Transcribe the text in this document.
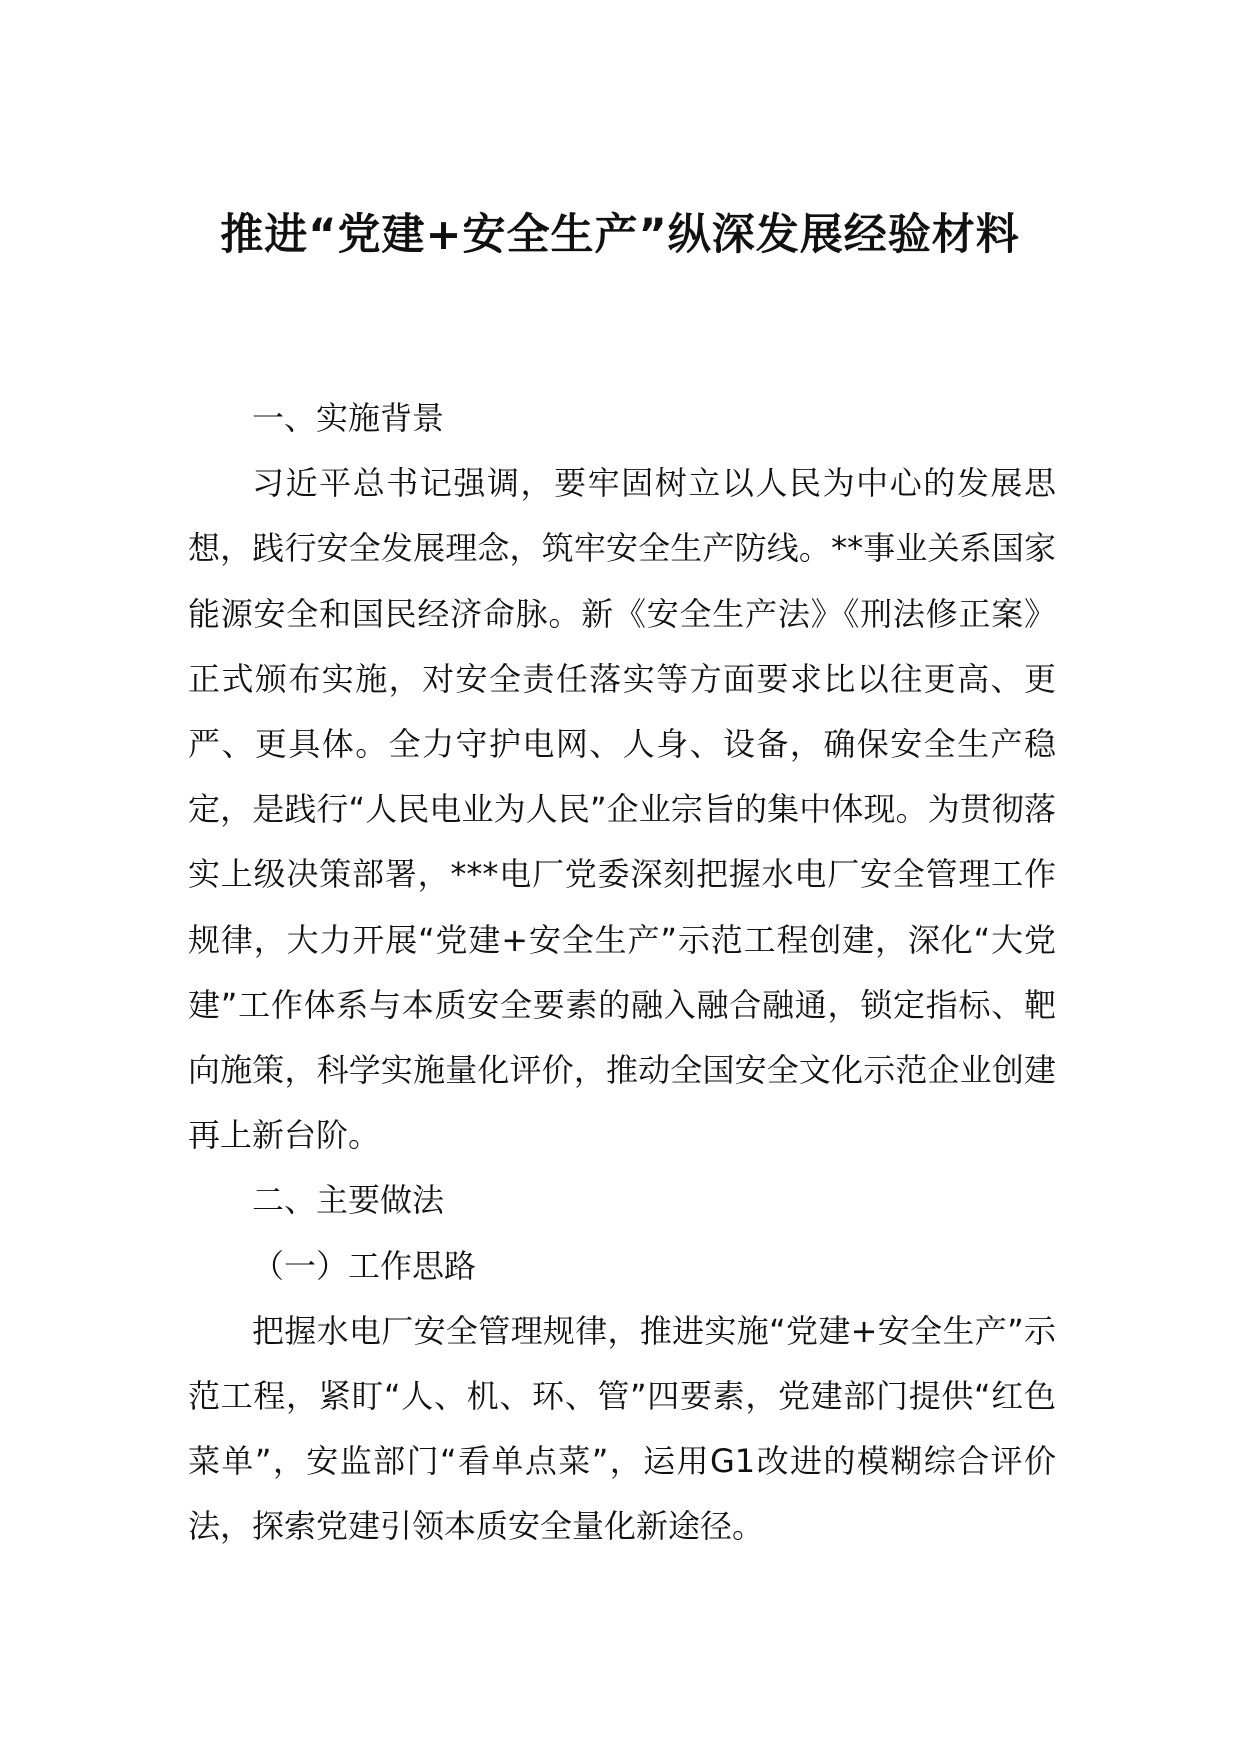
推进“党建+安全生产”纵深发展经验材料

一、实施背景

习近平总书记强调，要牢固树立以人民为中心的发展思想，践行安全发展理念，筑牢安全生产防线。**事业关系国家能源安全和国民经济命脉。新《安全生产法》《刑法修正案》正式颁布实施，对安全责任落实等方面要求比以往更高、更严、更具体。全力守护电网、人身、设备，确保安全生产稳定，是践行“人民电业为人民”企业宗旨的集中体现。为贯彻落实上级决策部署，***电厂党委深刻把握水电厂安全管理工作规律，大力开展“党建+安全生产”示范工程创建，深化“大党建”工作体系与本质安全要素的融入融合融通，锁定指标、靶向施策，科学实施量化评价，推动全国安全文化示范企业创建再上新台阶。

二、主要做法

（一）工作思路

把握水电厂安全管理规律，推进实施“党建+安全生产”示范工程，紧盯“人、机、环、管”四要素，党建部门提供“红色菜单”，安监部门“看单点菜”，运用G1改进的模糊综合评价法，探索党建引领本质安全量化新途径。
